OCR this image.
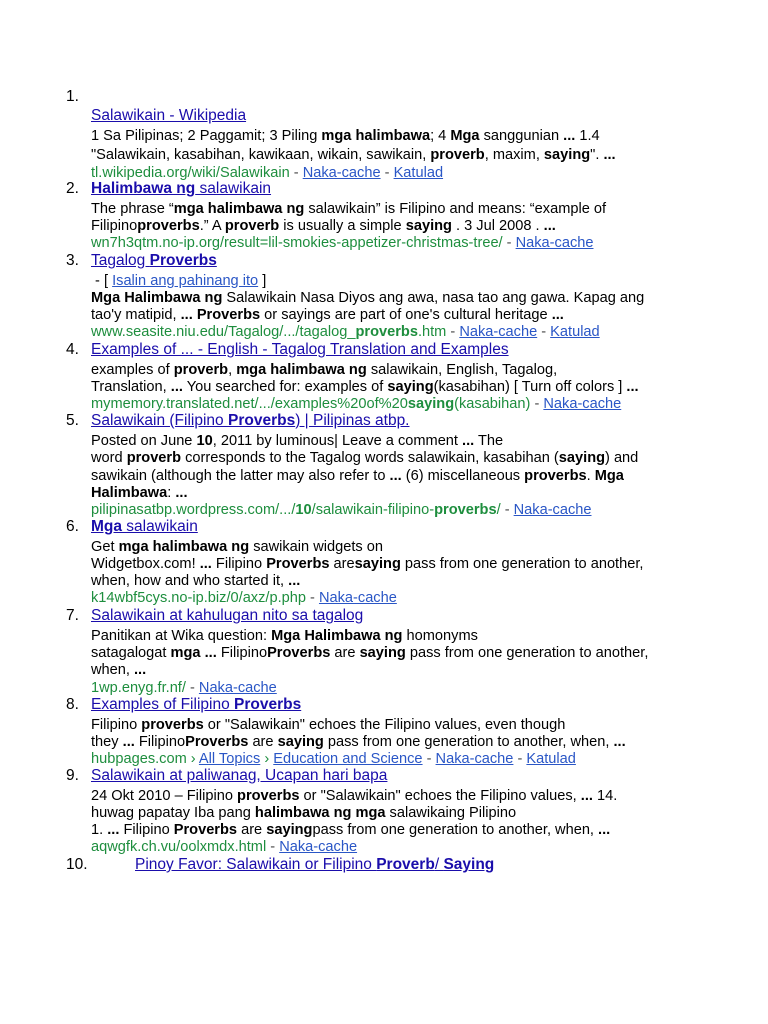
1.
Salawikain - Wikipedia
1 Sa Pilipinas; 2 Paggamit; 3 Piling mga halimbawa; 4 Mga sanggunian ... 1.4
"Salawikain, kasabihan, kawikaan, wikain, sawikain, proverb, maxim, saying". ...
tl.wikipedia.org/wiki/Salawikain - Naka-cache - Katulad
2. Halimbawa ng salawikain
The phrase “mga halimbawa ng salawikain” is Filipino and means: “example of
Filipinoproverbs.” A proverb is usually a simple saying . 3 Jul 2008 . ...
wn7h3qtm.no-ip.org/result=lil-smokies-appetizer-christmas-tree/ - Naka-cache
3. Tagalog Proverbs
- [ Isalin ang pahinang ito ]
Mga Halimbawa ng Salawikain Nasa Diyos ang awa, nasa tao ang gawa. Kapag ang
tao'y matipid, ... Proverbs or sayings are part of one's cultural heritage ...
www.seasite.niu.edu/Tagalog/.../tagalog_proverbs.htm - Naka-cache - Katulad
4. Examples of ... - English - Tagalog Translation and Examples
examples of proverb, mga halimbawa ng salawikain, English, Tagalog,
Translation, ... You searched for: examples of saying(kasabihan) [ Turn off colors ] ...
mymemory.translated.net/.../examples%20of%20saying(kasabihan) - Naka-cache
5. Salawikain (Filipino Proverbs) | Pilipinas atbp.
Posted on June 10, 2011 by luminous| Leave a comment ... The
word proverb corresponds to the Tagalog words salawikain, kasabihan (saying) and
sawikain (although the latter may also refer to ... (6) miscellaneous proverbs. Mga
Halimbawa: ...
pilipinasatbp.wordpress.com/.../10/salawikain-filipino-proverbs/ - Naka-cache
6. Mga salawikain
Get mga halimbawa ng sawikain widgets on
Widgetbox.com! ... Filipino Proverbs aresaying pass from one generation to another,
when, how and who started it, ...
k14wbf5cys.no-ip.biz/0/axz/p.php - Naka-cache
7. Salawikain at kahulugan nito sa tagalog
Panitikan at Wika question: Mga Halimbawa ng homonyms
satagalogat mga ... FilipinoProverbs are saying pass from one generation to another,
when, ...
1wp.enyg.fr.nf/ - Naka-cache
8. Examples of Filipino Proverbs
Filipino proverbs or "Salawikain" echoes the Filipino values, even though
they ... FilipinoProverbs are saying pass from one generation to another, when, ...
hubpages.com › All Topics › Education and Science - Naka-cache - Katulad
9. Salawikain at paliwanag, Ucapan hari bapa
24 Okt 2010 – Filipino proverbs or "Salawikain" echoes the Filipino values, ... 14.
huwag papatay Iba pang halimbawa ng mga salawikaing Pilipino
1. ... Filipino Proverbs are sayingpass from one generation to another, when, ...
aqwgfk.ch.vu/oolxmdx.html - Naka-cache
10.	Pinoy Favor: Salawikain or Filipino Proverb/ Saying
